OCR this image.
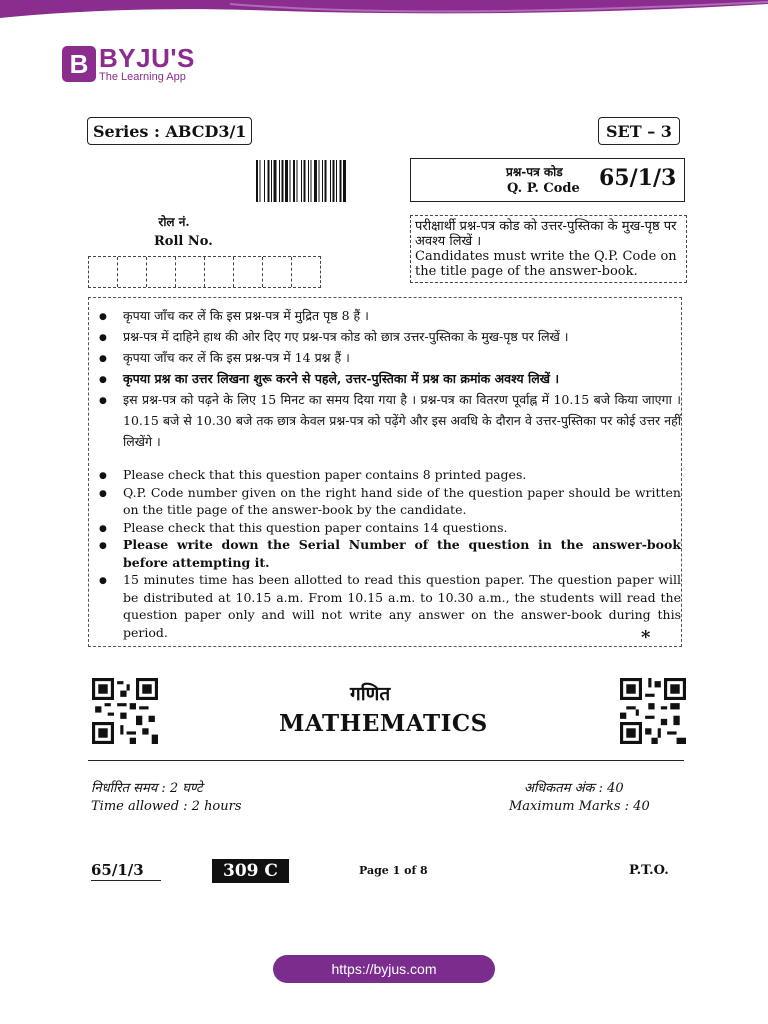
B BYJU'S
The Learning App
Series : ABCD3/1	SET – 3
प्रश्न-पत्र कोड
Q. P. Code 65/1/3
रोल नं.
Roll No.
परीक्षार्थी प्रश्न-पत्र कोड को उत्तर-पुस्तिका के मुख-पृष्ठ पर अवश्य लिखें ।
Candidates must write the Q.P. Code on the title page of the answer-book.
● कृपया जाँच कर लें कि इस प्रश्न-पत्र में मुद्रित पृष्ठ 8 हैं ।
● प्रश्न-पत्र में दाहिने हाथ की ओर दिए गए प्रश्न-पत्र कोड को छात्र उत्तर-पुस्तिका के मुख-पृष्ठ पर लिखें ।
● कृपया जाँच कर लें कि इस प्रश्न-पत्र में 14 प्रश्न हैं ।
● कृपया प्रश्न का उत्तर लिखना शुरू करने से पहले, उत्तर-पुस्तिका में प्रश्न का क्रमांक अवश्य लिखें ।
● इस प्रश्न-पत्र को पढ़ने के लिए 15 मिनट का समय दिया गया है । प्रश्न-पत्र का वितरण पूर्वाह्न में 10.15 बजे किया जाएगा । 10.15 बजे से 10.30 बजे तक छात्र केवल प्रश्न-पत्र को पढ़ेंगे और इस अवधि के दौरान वे उत्तर-पुस्तिका पर कोई उत्तर नहीं लिखेंगे ।
● Please check that this question paper contains 8 printed pages.
● Q.P. Code number given on the right hand side of the question paper should be written on the title page of the answer-book by the candidate.
● Please check that this question paper contains 14 questions.
● Please write down the Serial Number of the question in the answer-book before attempting it.
● 15 minutes time has been allotted to read this question paper. The question paper will be distributed at 10.15 a.m. From 10.15 a.m. to 10.30 a.m., the students will read the question paper only and will not write any answer on the answer-book during this period.	*
गणित
MATHEMATICS
निर्धारित समय : 2 घण्टे
Time allowed : 2 hours
अधिकतम अंक : 40
Maximum Marks : 40
65/1/3	309 C	Page 1 of 8	P.T.O.
https://byjus.com
